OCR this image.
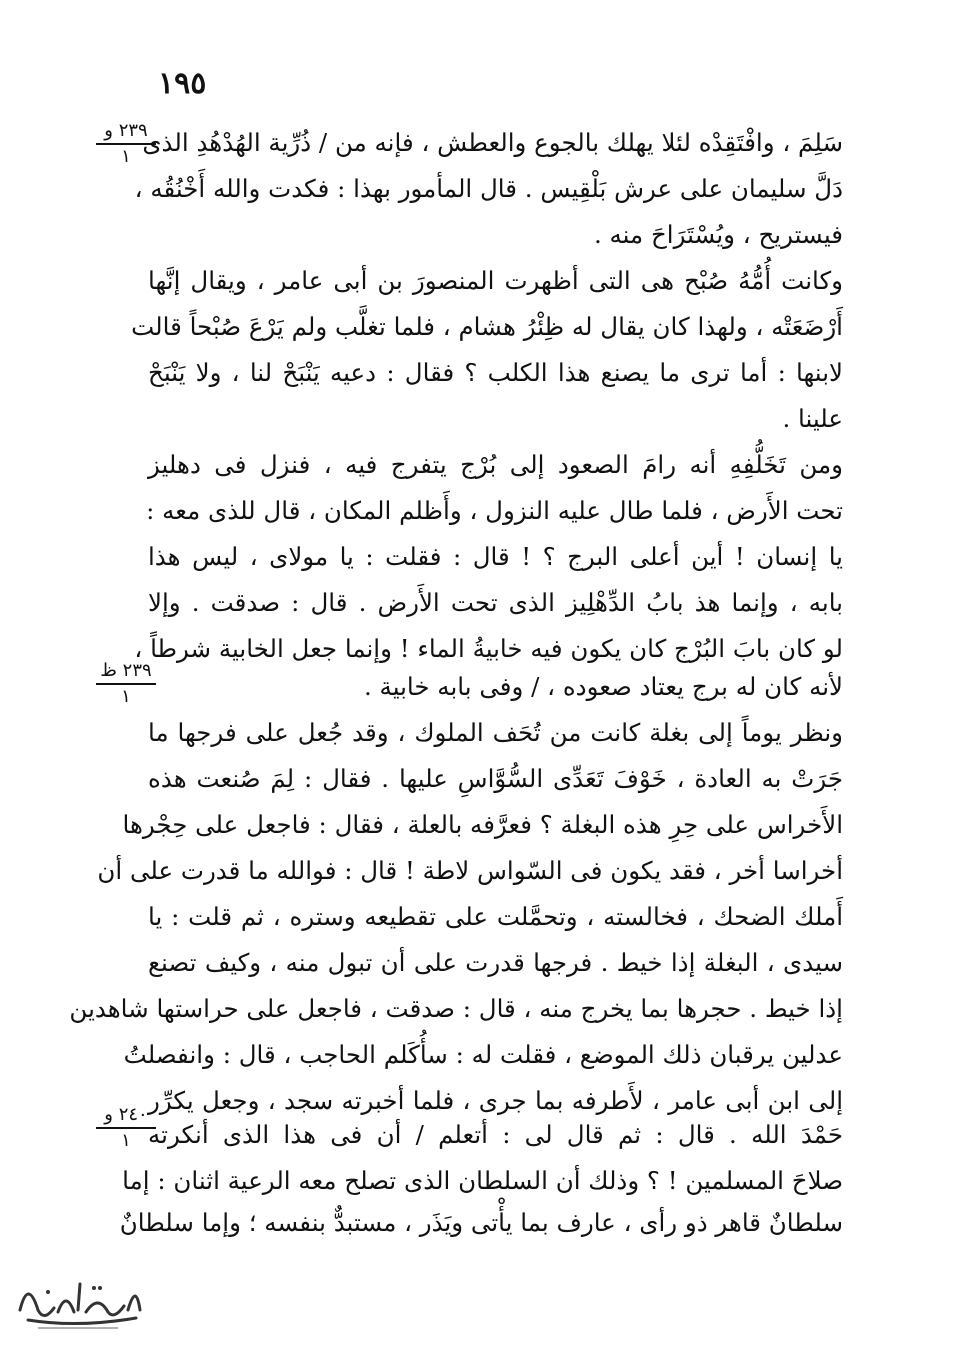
١٩٥
٢٣٩ و
١
٢٣٩ ظ
١
٢٤٠ و
١
سَلِمَ ، وافْتَقِدْه لئلا يهلك بالجوع والعطش ، فإنه من / ذُرِّية الهُدْهُدِ الذى
دَلَّ سليمان على عرش بَلْقِيس . قال المأمور بهذا : فكدت والله أَخْنُقُه ،
فيستريح ، ويُسْتَرَاحَ منه .
وكانت أُمُّهُ صُبْح هى التى أظهرت المنصورَ بن أبى عامر ، ويقال إنَّها
أَرْضَعَتْه ، ولهذا كان يقال له ظِئْرُ هشام ، فلما تغلَّب ولم يَرْعَ صُبْحاً قالت
لابنها : أما ترى ما يصنع هذا الكلب ؟ فقال : دعيه يَنْبَحْ لنا ، ولا يَنْبَحْ
علينا .
ومن تَخَلُّفِهِ أنه رامَ الصعود إلى بُرْج يتفرج فيه ، فنزل فى دهليز
تحت الأَرض ، فلما طال عليه النزول ، وأَظلم المكان ، قال للذى معه :
يا إنسان ! أين أعلى البرج ؟ ! قال : فقلت : يا مولاى ، ليس هذا
بابه ، وإنما هذ بابُ الدِّهْلِيز الذى تحت الأَرض . قال : صدقت . وإلا
لو كان بابَ البُرْج كان يكون فيه خابيةُ الماء ! وإنما جعل الخابية شرطاً ،
لأنه كان له برج يعتاد صعوده ، / وفى بابه خابية .
ونظر يوماً إلى بغلة كانت من تُحَف الملوك ، وقد جُعل على فرجها ما
جَرَتْ به العادة ، خَوْفَ تَعَدِّى السُّوَّاسِ عليها . فقال : لِمَ صُنعت هذه
الأَخراس على حِرِ هذه البغلة ؟ فعرَّفه بالعلة ، فقال : فاجعل على حِجْرها
أخراسا أخر ، فقد يكون فى السّواس لاطة ! قال : فوالله ما قدرت على أن
أَملك الضحك ، فخالسته ، وتحمَّلت على تقطيعه وستره ، ثم قلت : يا
سيدى ، البغلة إذا خيط . فرجها قدرت على أن تبول منه ، وكيف تصنع
إذا خيط . حجرها بما يخرج منه ، قال : صدقت ، فاجعل على حراستها شاهدين
عدلين يرقبان ذلك الموضع ، فقلت له : سأُكَلم الحاجب ، قال : وانفصلتُ
إلى ابن أبى عامر ، لأَطرفه بما جرى ، فلما أخبرته سجد ، وجعل يكرِّر
حَمْدَ الله . قال : ثم قال لى : أتعلم / أن فى هذا الذى أنكرته
صلاحَ المسلمين ! ؟ وذلك أن السلطان الذى تصلح معه الرعية اثنان : إما
سلطانٌ قاهر ذو رأى ، عارف بما يأْتى ويَذَر ، مستبدٌّ بنفسه ؛ وإما سلطانٌ
